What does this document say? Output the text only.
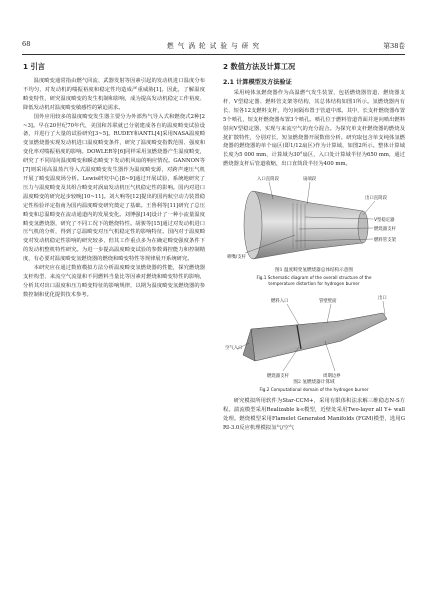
68	燃 气 涡 轮 试 验 与 研 究	第38卷
1 引言

温度畸变通常指由燃气回流、武器发射等因素引起的发动机进口温度分布不均匀，对发动机的喘振裕度和稳定性均造成严重威胁[1]。因此，了解温度畸变特性，研究温度畸变的发生机制和影响，成为提高发动机稳定工作裕度、降低发动机对温度畸变敏感性的紧迫需求。

国外应用较多的温度畸变发生器主要分为外部热气导入式和燃烧式2种[2~3]。早在20世纪70年代，美国和苏联就已分别建成各自的温度畸变试验设备，并进行了大量的试验研究[3~5]。RUDEY和ANTL[4]采用NASA温度畸变氢燃烧器实现发动机进口温度畸变条件，研究了温度畸变指数范围、强度和变化率对喘振裕度的影响。DOWLER等[6]同样采用氢燃烧器产生温度畸变，研究了不同周向温度畸变和瞬态畸变下发动机风扇的响应情况。GANNON等[7]则采用高温蒸汽导入式温度畸变发生器作为温度畸变源，对跨声速压气机开展了畸变温度场分析。Lewis研究中心[8~9]通过开展试验，系统地研究了压力与温度畸变及其组合畸变对涡扇发动机压气机稳定性的影响。国内对进口温度畸变的研究起步较晚[10~11]。刘大响等[12]提出的国内航空动力装置稳定性检验评定指南为国内温度畸变研究奠定了基础。王鲁利等[11]研究了总压畸变和总温畸变在流动通道内的发展变化。刘博强[14]设计了一种小流量温度畸变氢燃烧器，研究了不同工况下的燃烧特性。胡骏等[15]通过对发动机进口压气机的分析，得到了总温畸变对压气机稳定性的影响特征。国内对于温度畸变对发动机稳定性影响的研究较多，但其工作重点多为在确定畸变强度条件下的发动机整机特性研究。为进一步提高温度畸变试验的参数调控能力和控制精度，有必要对温度畸变氢燃烧器的燃烧和畸变特性等规律展开系统研究。

本研究应在通过数值模拟方法分析温度畸变氢燃烧器的性能，探究燃烧器支杆构型、来流空气流量和不同燃料当量比等因素对燃烧和畸变特性的影响，分析其对出口温度和压力畸变特征的影响规律，以期为温度畸变氢燃烧器的参数控制和优化提供技术参考。

2 数值方法及计算工况
2.1 计算模型及方法验证

采用纯体氢燃烧器作为高温燃气发生装置，包括燃烧器管道、燃烧器支杆、V型稳定器、燃料管支架等结构，其总体结构如图1所示。氢燃烧器内有长、短各12支燃料支杆，均匀间隔布置于管道中部。其中，长支杆燃烧器布置5个喷孔，短支杆燃烧器布置3个喷孔。喷孔位于燃料管道背面并逆向喷出燃料射向V型稳定器，实现与来流空气的充分混合。为探究单支杆燃烧器的燃烧及扰扩散特性，分别对长、短氢燃烧器开展数值分析。研究取包含单支纯体氢燃烧器的燃烧器的单个扇区(即1/12扇区)作为计算域，如图2所示。整体计算域长度为5 000 mm，计算域为30°扇区，入口处计算域半径为650 mm，通过燃烧器支杆后管道收缩，出口直筒段半径为400 mm。

入口直筒段	扇端段
出口直筒段
V型稳定器
燃烧器支杆
燃料管支架
喷嘴/支杆
图1 温度畸变氢燃烧器总体结构示意图
Fig.1 Schematic diagram of the overall structure of the
temperature distortion for hydrogen burner
燃料入口	管壁壁面
出口
空气入口
燃烧器支杆	周期边界
图2 氢燃烧器计算域
Fig.2 Computational domain of the hydrogen burner

研究模拟所用软件为Star-CCM+，采用有限体积法求解三维稳态N-S方程。湍流模型采用Realizable k-ε模型，近壁处采用Two-layer all Y+ wall处理。燃烧模型采用Flamelet Generated Manifolds (FGM)模型，选用GRI-3.0反应机理模拟氢气/空气
